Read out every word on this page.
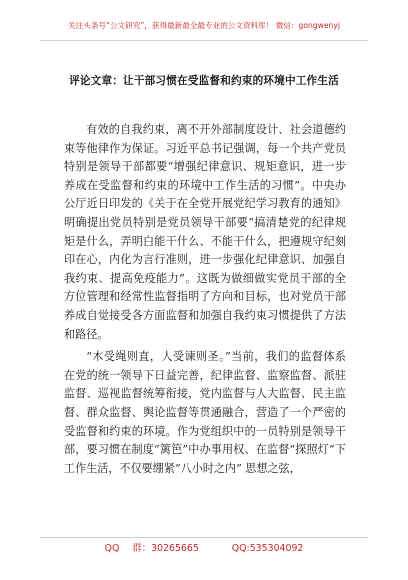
关注头条号“公文研究”，获得最新最全最专业的公文资料库！ 微信：gongwenyj
评论文章：让干部习惯在受监督和约束的环境中工作生活

有效的自我约束，离不开外部制度设计、社会道德约束等他律作为保证。习近平总书记强调，每一个共产党员特别是领导干部都要“增强纪律意识、规矩意识，进一步养成在受监督和约束的环境中工作生活的习惯”。中央办公厅近日印发的《关于在全党开展党纪学习教育的通知》明确提出党员特别是党员领导干部要“搞清楚党的纪律规矩是什么，弄明白能干什么、不能干什么，把遵规守纪刻印在心，内化为言行准则，进一步强化纪律意识、加强自我约束、提高免疫能力”。这既为做细做实党员干部的全方位管理和经常性监督指明了方向和目标，也对党员干部养成自觉接受各方面监督和加强自我约束习惯提供了方法和路径。

“木受绳则直，人受谏则圣。”当前，我们的监督体系在党的统一领导下日益完善，纪律监督、监察监督、派驻监督、巡视监督统筹衔接，党内监督与人大监督、民主监督、群众监督、舆论监督等贯通融合，营造了一个严密的受监督和约束的环境。作为党组织中的一员特别是领导干部，要习惯在制度“篱笆”中办事用权、在监督“探照灯”下工作生活，不仅要绷紧“八小时之内” 思想之弦，

QQ 群：30265665	QQ:535304092
